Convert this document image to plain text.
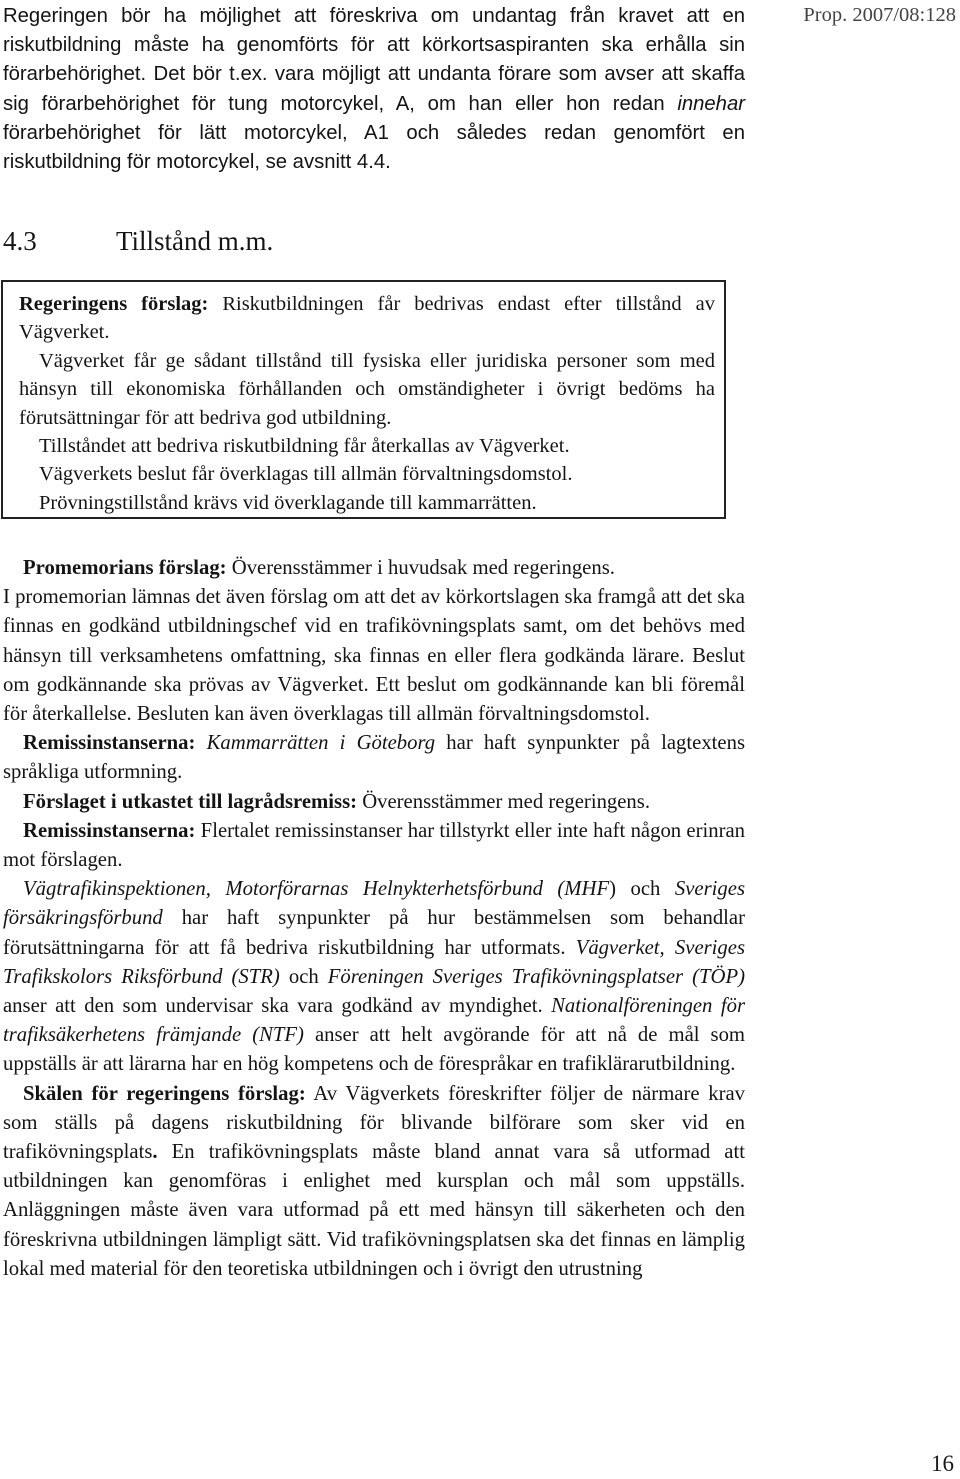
Prop. 2007/08:128

Regeringen bör ha möjlighet att föreskriva om undantag från kravet att en riskutbildning måste ha genomförts för att körkortsaspiranten ska erhålla sin förarbehörighet. Det bör t.ex. vara möjligt att undanta förare som avser att skaffa sig förarbehörighet för tung motorcykel, A, om han eller hon redan innehar förarbehörighet för lätt motorcykel, A1 och således redan genomfört en riskutbildning för motorcykel, se avsnitt 4.4.

4.3	Tillstånd m.m.

Regeringens förslag: Riskutbildningen får bedrivas endast efter tillstånd av Vägverket.

Vägverket får ge sådant tillstånd till fysiska eller juridiska personer som med hänsyn till ekonomiska förhållanden och omständigheter i övrigt bedöms ha förutsättningar för att bedriva god utbildning.

Tillståndet att bedriva riskutbildning får återkallas av Vägverket.

Vägverkets beslut får överklagas till allmän förvaltningsdomstol.

Prövningstillstånd krävs vid överklagande till kammarrätten.

Promemorians förslag: Överensstämmer i huvudsak med regeringens.

I promemorian lämnas det även förslag om att det av körkortslagen ska framgå att det ska finnas en godkänd utbildningschef vid en trafikövningsplats samt, om det behövs med hänsyn till verksamhetens omfattning, ska finnas en eller flera godkända lärare. Beslut om godkännande ska prövas av Vägverket. Ett beslut om godkännande kan bli föremål för återkallelse. Besluten kan även överklagas till allmän förvaltningsdomstol.

Remissinstanserna: Kammarrätten i Göteborg har haft synpunkter på lagtextens språkliga utformning.

Förslaget i utkastet till lagrådsremiss: Överensstämmer med regeringens.

Remissinstanserna: Flertalet remissinstanser har tillstyrkt eller inte haft någon erinran mot förslagen.

Vägtrafikinspektionen, Motorförarnas Helnykterhetsförbund (MHF) och Sveriges försäkringsförbund har haft synpunkter på hur bestämmelsen som behandlar förutsättningarna för att få bedriva riskutbildning har utformats. Vägverket, Sveriges Trafikskolors Riksförbund (STR) och Föreningen Sveriges Trafikövningsplatser (TÖP) anser att den som undervisar ska vara godkänd av myndighet. Nationalföreningen för trafiksäkerhetens främjande (NTF) anser att helt avgörande för att nå de mål som uppställs är att lärarna har en hög kompetens och de förespråkar en trafiklärarutbildning.

Skälen för regeringens förslag: Av Vägverkets föreskrifter följer de närmare krav som ställs på dagens riskutbildning för blivande bilförare som sker vid en trafikövningsplats. En trafikövningsplats måste bland annat vara så utformad att utbildningen kan genomföras i enlighet med kursplan och mål som uppställs. Anläggningen måste även vara utformad på ett med hänsyn till säkerheten och den föreskrivna utbildningen lämpligt sätt. Vid trafikövningsplatsen ska det finnas en lämplig lokal med material för den teoretiska utbildningen och i övrigt den utrustning

16
